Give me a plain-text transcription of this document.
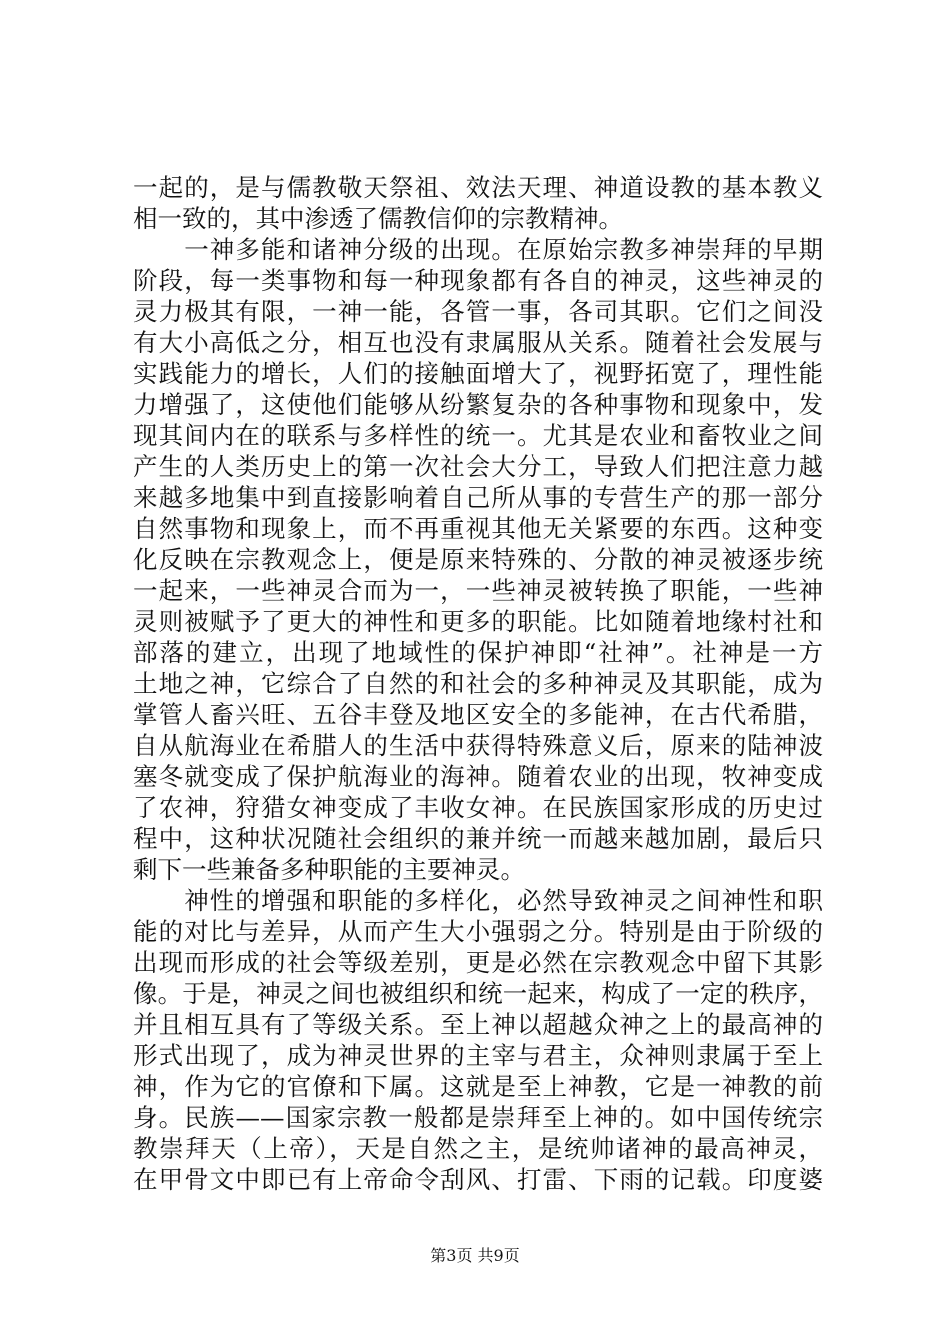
一起的，是与儒教敬天祭祖、效法天理、神道设教的基本教义
相一致的，其中渗透了儒教信仰的宗教精神。
　　一神多能和诸神分级的出现。在原始宗教多神崇拜的早期
阶段，每一类事物和每一种现象都有各自的神灵，这些神灵的
灵力极其有限，一神一能，各管一事，各司其职。它们之间没
有大小高低之分，相互也没有隶属服从关系。随着社会发展与
实践能力的增长，人们的接触面增大了，视野拓宽了，理性能
力增强了，这使他们能够从纷繁复杂的各种事物和现象中，发
现其间内在的联系与多样性的统一。尤其是农业和畜牧业之间
产生的人类历史上的第一次社会大分工，导致人们把注意力越
来越多地集中到直接影响着自己所从事的专营生产的那一部分
自然事物和现象上，而不再重视其他无关紧要的东西。这种变
化反映在宗教观念上，便是原来特殊的、分散的神灵被逐步统
一起来，一些神灵合而为一，一些神灵被转换了职能，一些神
灵则被赋予了更大的神性和更多的职能。比如随着地缘村社和
部落的建立，出现了地域性的保护神即“社神”。社神是一方
土地之神，它综合了自然的和社会的多种神灵及其职能，成为
掌管人畜兴旺、五谷丰登及地区安全的多能神，在古代希腊，
自从航海业在希腊人的生活中获得特殊意义后，原来的陆神波
塞冬就变成了保护航海业的海神。随着农业的出现，牧神变成
了农神，狩猎女神变成了丰收女神。在民族国家形成的历史过
程中，这种状况随社会组织的兼并统一而越来越加剧，最后只
剩下一些兼备多种职能的主要神灵。
　　神性的增强和职能的多样化，必然导致神灵之间神性和职
能的对比与差异，从而产生大小强弱之分。特别是由于阶级的
出现而形成的社会等级差别，更是必然在宗教观念中留下其影
像。于是，神灵之间也被组织和统一起来，构成了一定的秩序，
并且相互具有了等级关系。至上神以超越众神之上的最高神的
形式出现了，成为神灵世界的主宰与君主，众神则隶属于至上
神，作为它的官僚和下属。这就是至上神教，它是一神教的前
身。民族——国家宗教一般都是崇拜至上神的。如中国传统宗
教崇拜天（上帝），天是自然之主，是统帅诸神的最高神灵，
在甲骨文中即已有上帝命令刮风、打雷、下雨的记载。印度婆
第3页 共9页
